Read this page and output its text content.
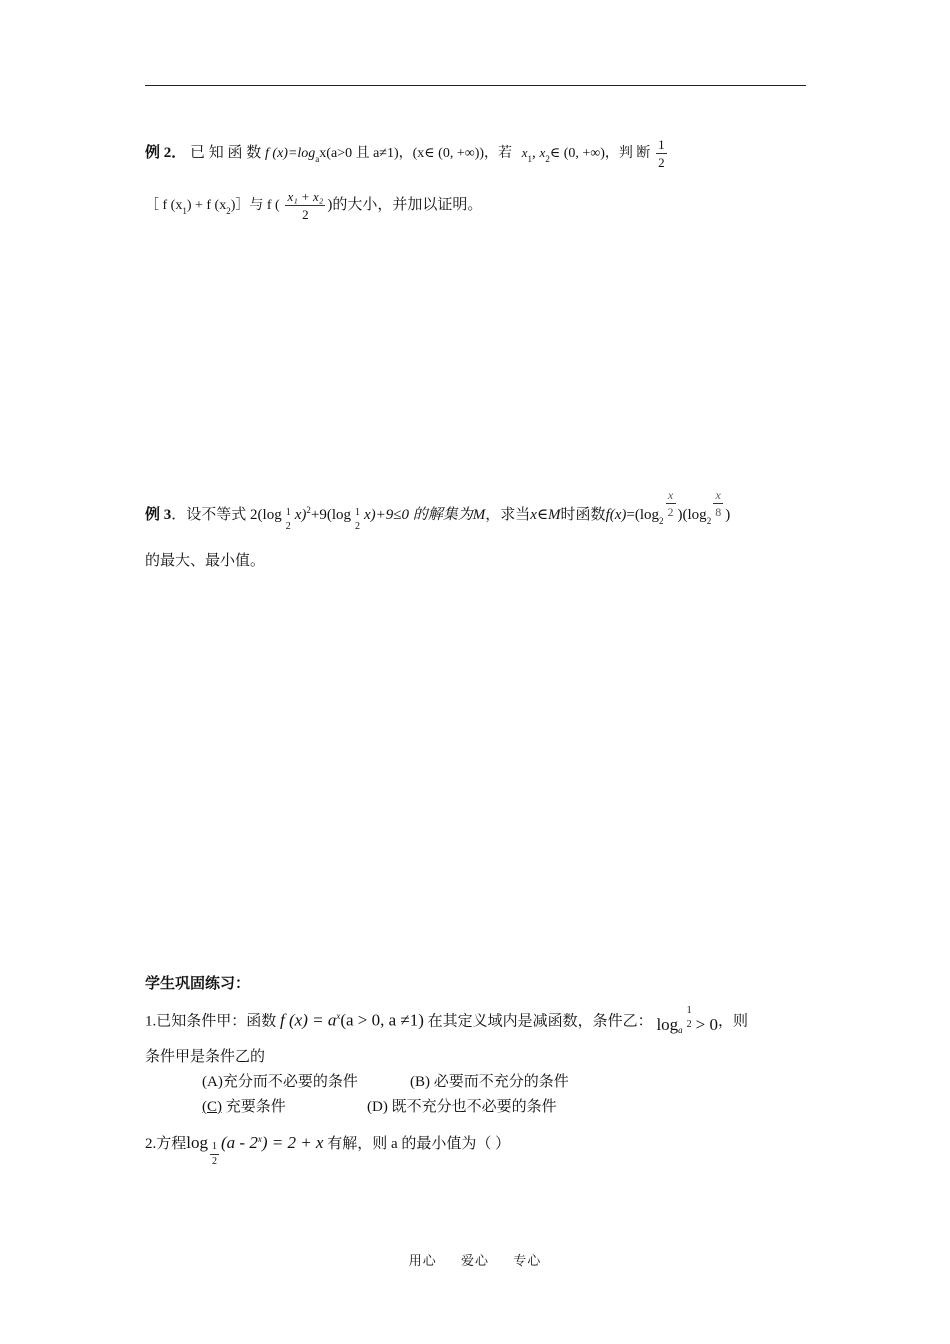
例 2． 已 知 函 数 f $(x)=\log_ax(a>0$ 且 a≠1)，(x∈ (0, +∞))，若 $x_1$, $x_2\in$ (0, +∞)，判 断 $\frac{1}{2}$
［ f $(x_1) + f$ $(x_2)]$与 f ( $\frac{\text{x₁ + x₂}}{2}$ )的大小，并加以证明。
例 3．设不等式 2(log 1
2
x)$^2$+9(log 1
2
x)+9≤0 的解集为M，求当x∈M时函数$f(x)=(\log_2$
$\frac{x}{2} )(\log_2$
$\frac{x}{8}$ )
的最大、最小值。
学生巩固练习：
1.已知条件甲：函数 f $(x) = a^x(a > 0$, a ≠1) 在其定义域内是减函数，条件乙： $\log_a$
1
2 > 0，则
条件甲是条件乙的
(A)充分而不必要的条件	(B) 必要而不充分的条件
(C) 充要条件	(D) 既不充分也不必要的条件
2.方程$\log \frac{1}{2} (a - 2^x) = 2 + x$ 有解，则 a 的最小值为（ ）
用心 爱心 专心
